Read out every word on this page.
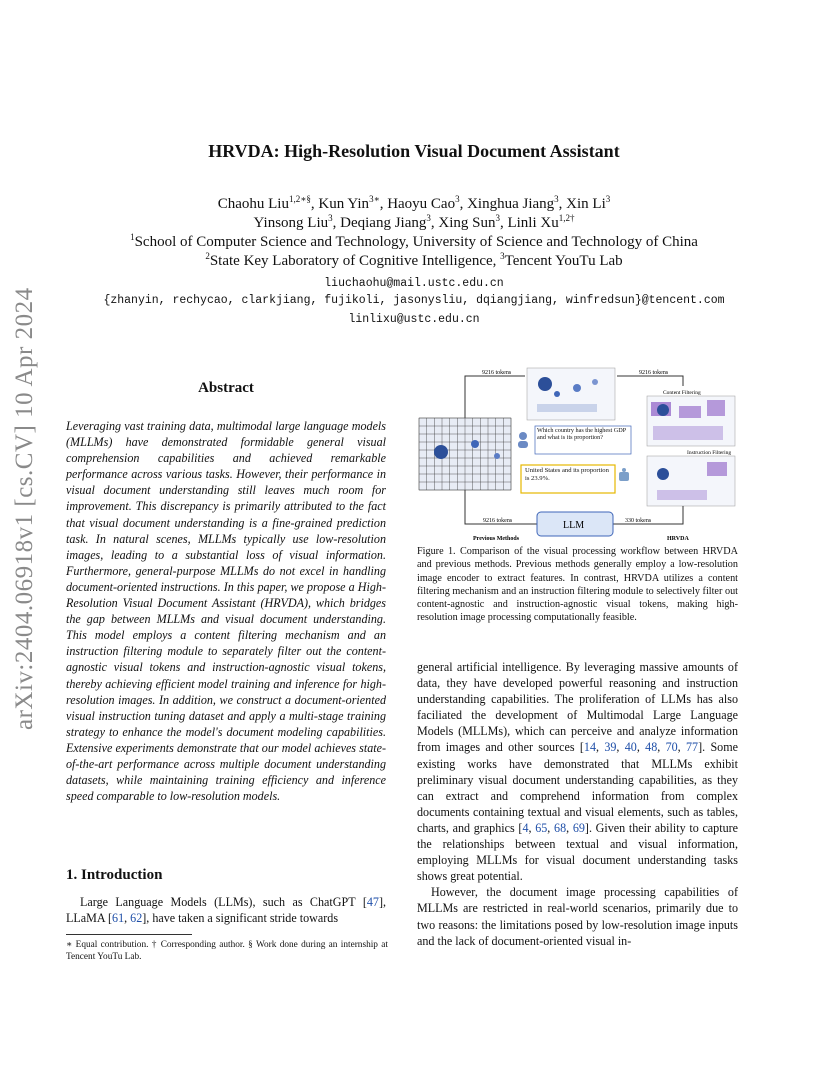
arXiv:2404.06918v1 [cs.CV] 10 Apr 2024
HRVDA: High-Resolution Visual Document Assistant
Chaohu Liu$^{1,2∗\S}$, Kun Yin$^{3∗}$, Haoyu Cao$^3$, Xinghua Jiang$^3$, Xin Li$^3$
Yinsong Liu$^3$, Deqiang Jiang$^3$, Xing Sun$^3$, Linli $Xu^{1,2\dagger}$
$^1$School of Computer Science and Technology, University of Science and Technology of China
$^2$State Key Laboratory of Cognitive Intelligence, $^3$Tencent YouTu Lab
liuchaohu@mail.ustc.edu.cn
{zhanyin, rechycao, clarkjiang, fujikoli, jasonysliu, dqiangjiang, winfredsun}@tencent.com
linlixu@ustc.edu.cn
Abstract
Leveraging vast training data, multimodal large language models (MLLMs) have demonstrated formidable general visual comprehension capabilities and achieved remarkable performance across various tasks. However, their performance in visual document understanding still leaves much room for improvement. This discrepancy is primarily attributed to the fact that visual document understanding is a fine-grained prediction task. In natural scenes, MLLMs typically use low-resolution images, leading to a substantial loss of visual information. Furthermore, general-purpose MLLMs do not excel in handling document-oriented instructions. In this paper, we propose a High-Resolution Visual Document Assistant (HRVDA), which bridges the gap between MLLMs and visual document understanding. This model employs a content filtering mechanism and an instruction filtering module to separately filter out the content-agnostic visual tokens and instruction-agnostic visual tokens, thereby achieving efficient model training and inference for high-resolution images. In addition, we construct a document-oriented visual instruction tuning dataset and apply a multi-stage training strategy to enhance the model's document modeling capabilities. Extensive experiments demonstrate that our model achieves state-of-the-art performance across multiple document understanding datasets, while maintaining training efficiency and inference speed comparable to low-resolution models.
1. Introduction
Large Language Models (LLMs), such as ChatGPT [47], LLaMA [61, 62], have taken a significant stride towards
∗ Equal contribution. † Corresponding author. § Work done during an internship at Tencent YouTu Lab.
9216 tokens	9216 tokens
Which country has the highest GDP and what is its proportion?
United States and its proportion is 23.9%.
Content Filtering
Instruction Filtering
9216 tokens	330 tokens
LLM
Previous Methods	HRVDA
Figure 1. Comparison of the visual processing workflow between HRVDA and previous methods. Previous methods generally employ a low-resolution image encoder to extract features. In contrast, HRVDA utilizes a content filtering mechanism and an instruction filtering module to selectively filter out content-agnostic and instruction-agnostic visual tokens, making high-resolution image processing computationally feasible.
general artificial intelligence. By leveraging massive amounts of data, they have developed powerful reasoning and instruction understanding capabilities. The proliferation of LLMs has also faciliated the development of Multimodal Large Language Models (MLLMs), which can perceive and analyze information from images and other sources [14, 39, 40, 48, 70, 77]. Some existing works have demonstrated that MLLMs exhibit preliminary visual document understanding capabilities, as they can extract and comprehend information from complex documents containing textual and visual elements, such as tables, charts, and graphics [4, 65, 68, 69]. Given their ability to capture the relationships between textual and visual information, employing MLLMs for visual document understanding tasks shows great potential.
However, the document image processing capabilities of MLLMs are restricted in real-world scenarios, primarily due to two reasons: the limitations posed by low-resolution image inputs and the lack of document-oriented visual in-
